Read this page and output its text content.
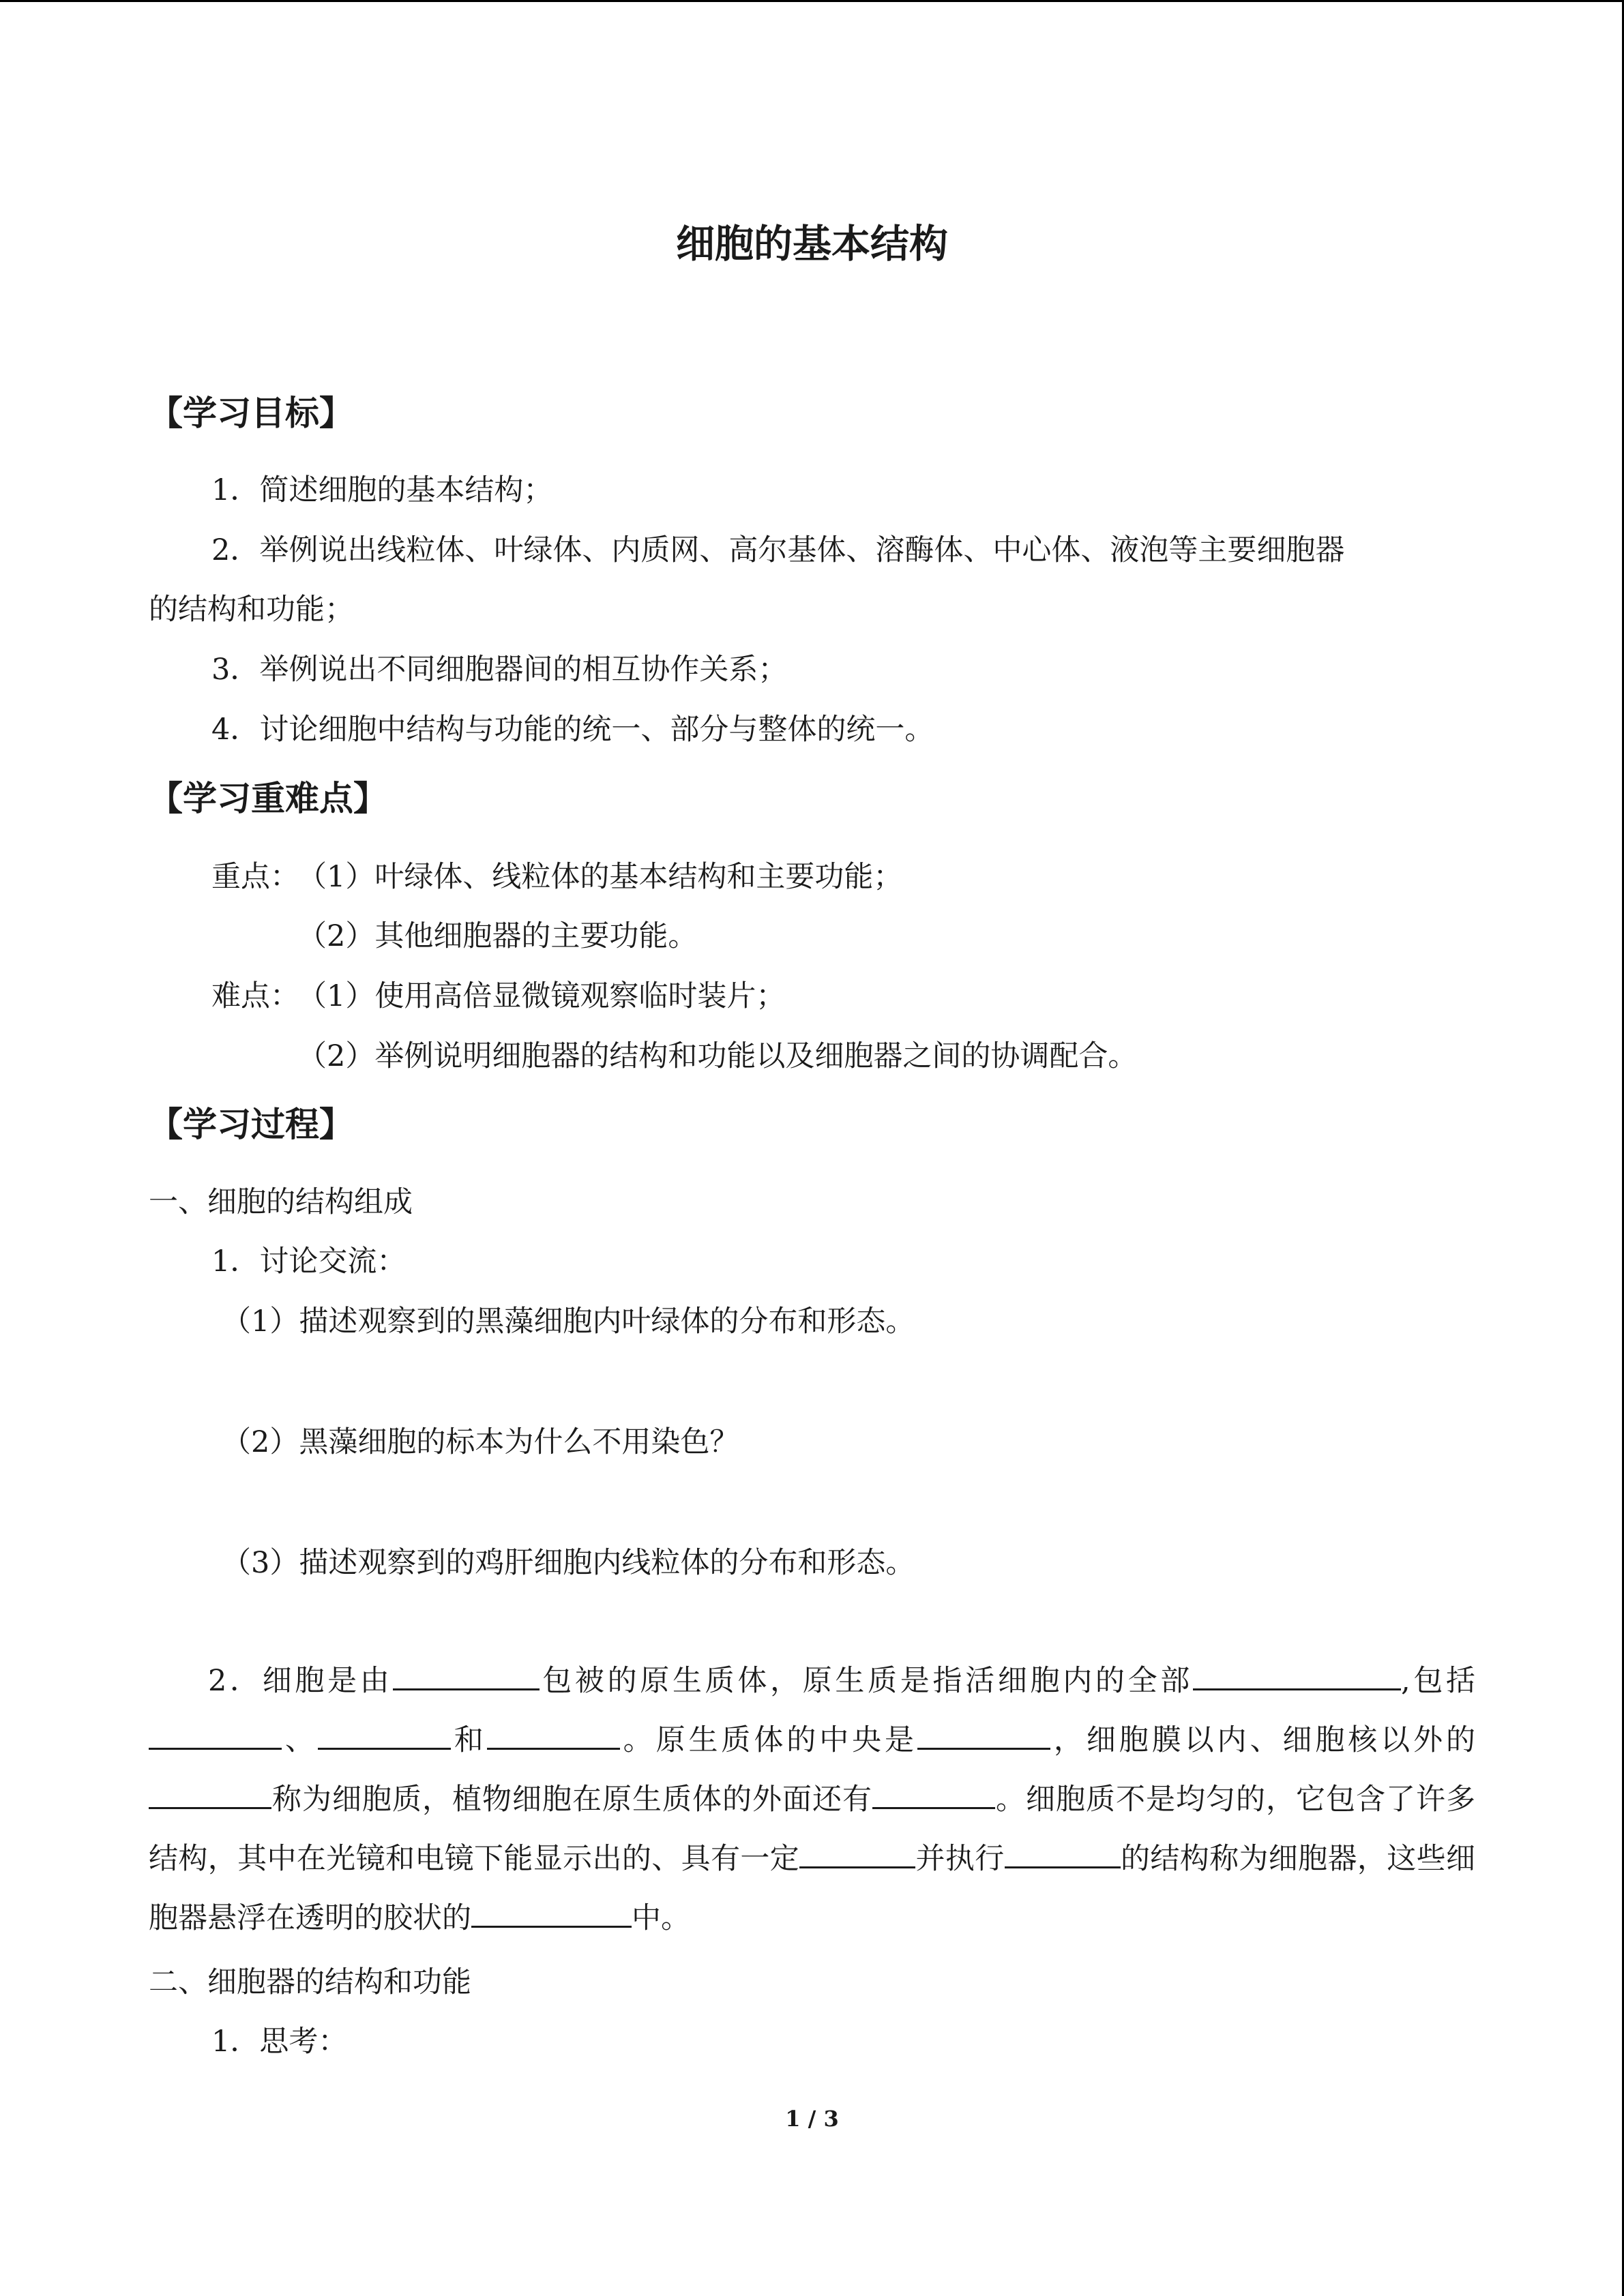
细胞的基本结构
【学习目标】
1．简述细胞的基本结构；
2．举例说出线粒体、叶绿体、内质网、高尔基体、溶酶体、中心体、液泡等主要细胞器
的结构和功能；
3．举例说出不同细胞器间的相互协作关系；
4．讨论细胞中结构与功能的统一、部分与整体的统一。
【学习重难点】
重点：
（1）叶绿体、线粒体的基本结构和主要功能；
（2）其他细胞器的主要功能。
难点：
（1）使用高倍显微镜观察临时装片；
（2）举例说明细胞器的结构和功能以及细胞器之间的协调配合。
【学习过程】
一、细胞的结构组成
1．讨论交流：
（1）描述观察到的黑藻细胞内叶绿体的分布和形态。
（2）黑藻细胞的标本为什么不用染色？
（3）描述观察到的鸡肝细胞内线粒体的分布和形态。
2．细胞是由	包被的原生质体，原生质是指活细胞内的全部	,包括、	和	。原生质体的中央是	，细胞膜以内、细胞核以外的称为细胞质，植物细胞在原生质体的外面还有	。细胞质不是均匀的，它包含了许多结构，其中在光镜和电镜下能显示出的、具有一定	并执行	的结构称为细胞器，这些细胞器悬浮在透明的胶状的	中。
二、细胞器的结构和功能
1．思考：
1 / 3
